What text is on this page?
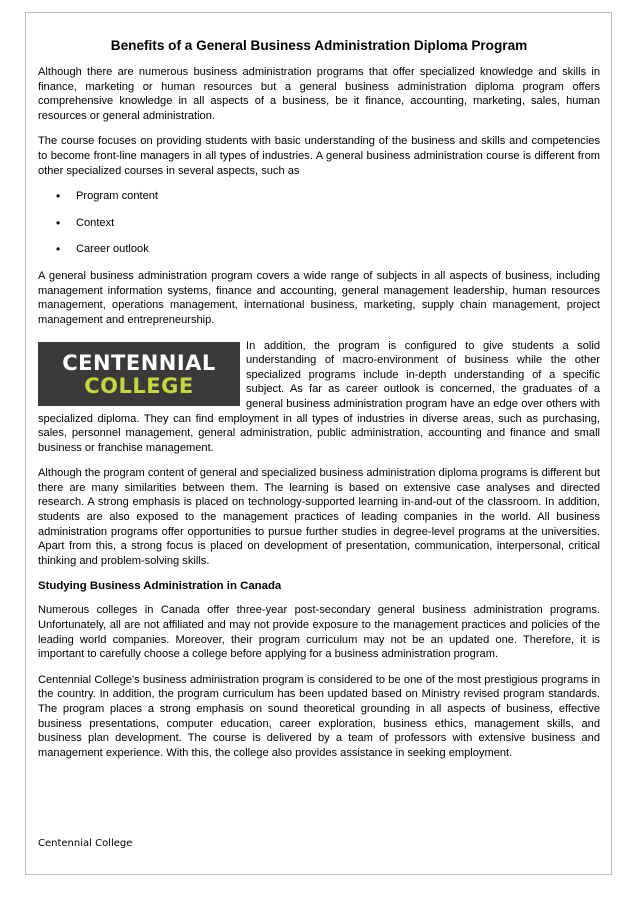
Benefits of a General Business Administration Diploma Program

Although there are numerous business administration programs that offer specialized knowledge and skills in finance, marketing or human resources but a general business administration diploma program offers comprehensive knowledge in all aspects of a business, be it finance, accounting, marketing, sales, human resources or general administration.

The course focuses on providing students with basic understanding of the business and skills and competencies to become front-line managers in all types of industries. A general business administration course is different from other specialized courses in several aspects, such as

• Program content
• Context
• Career outlook

A general business administration program covers a wide range of subjects in all aspects of business, including management information systems, finance and accounting, general management leadership, human resources management, operations management, international business, marketing, supply chain management, project management and entrepreneurship.

CENTENNIAL
COLLEGE

In addition, the program is configured to give students a solid understanding of macro-environment of business while the other specialized programs include in-depth understanding of a specific subject. As far as career outlook is concerned, the graduates of a general business administration program have an edge over others with specialized diploma. They can find employment in all types of industries in diverse areas, such as purchasing, sales, personnel management, general administration, public administration, accounting and finance and small business or franchise management.

Although the program content of general and specialized business administration diploma programs is different but there are many similarities between them. The learning is based on extensive case analyses and directed research. A strong emphasis is placed on technology-supported learning in-and-out of the classroom. In addition, students are also exposed to the management practices of leading companies in the world. All business administration programs offer opportunities to pursue further studies in degree-level programs at the universities. Apart from this, a strong focus is placed on development of presentation, communication, interpersonal, critical thinking and problem-solving skills.

Studying Business Administration in Canada

Numerous colleges in Canada offer three-year post-secondary general business administration programs. Unfortunately, all are not affiliated and may not provide exposure to the management practices and policies of the leading world companies. Moreover, their program curriculum may not be an updated one. Therefore, it is important to carefully choose a college before applying for a business administration program.

Centennial College's business administration program is considered to be one of the most prestigious programs in the country. In addition, the program curriculum has been updated based on Ministry revised program standards. The program places a strong emphasis on sound theoretical grounding in all aspects of business, effective business presentations, computer education, career exploration, business ethics, management skills, and business plan development. The course is delivered by a team of professors with extensive business and management experience. With this, the college also provides assistance in seeking employment.

Centennial College
